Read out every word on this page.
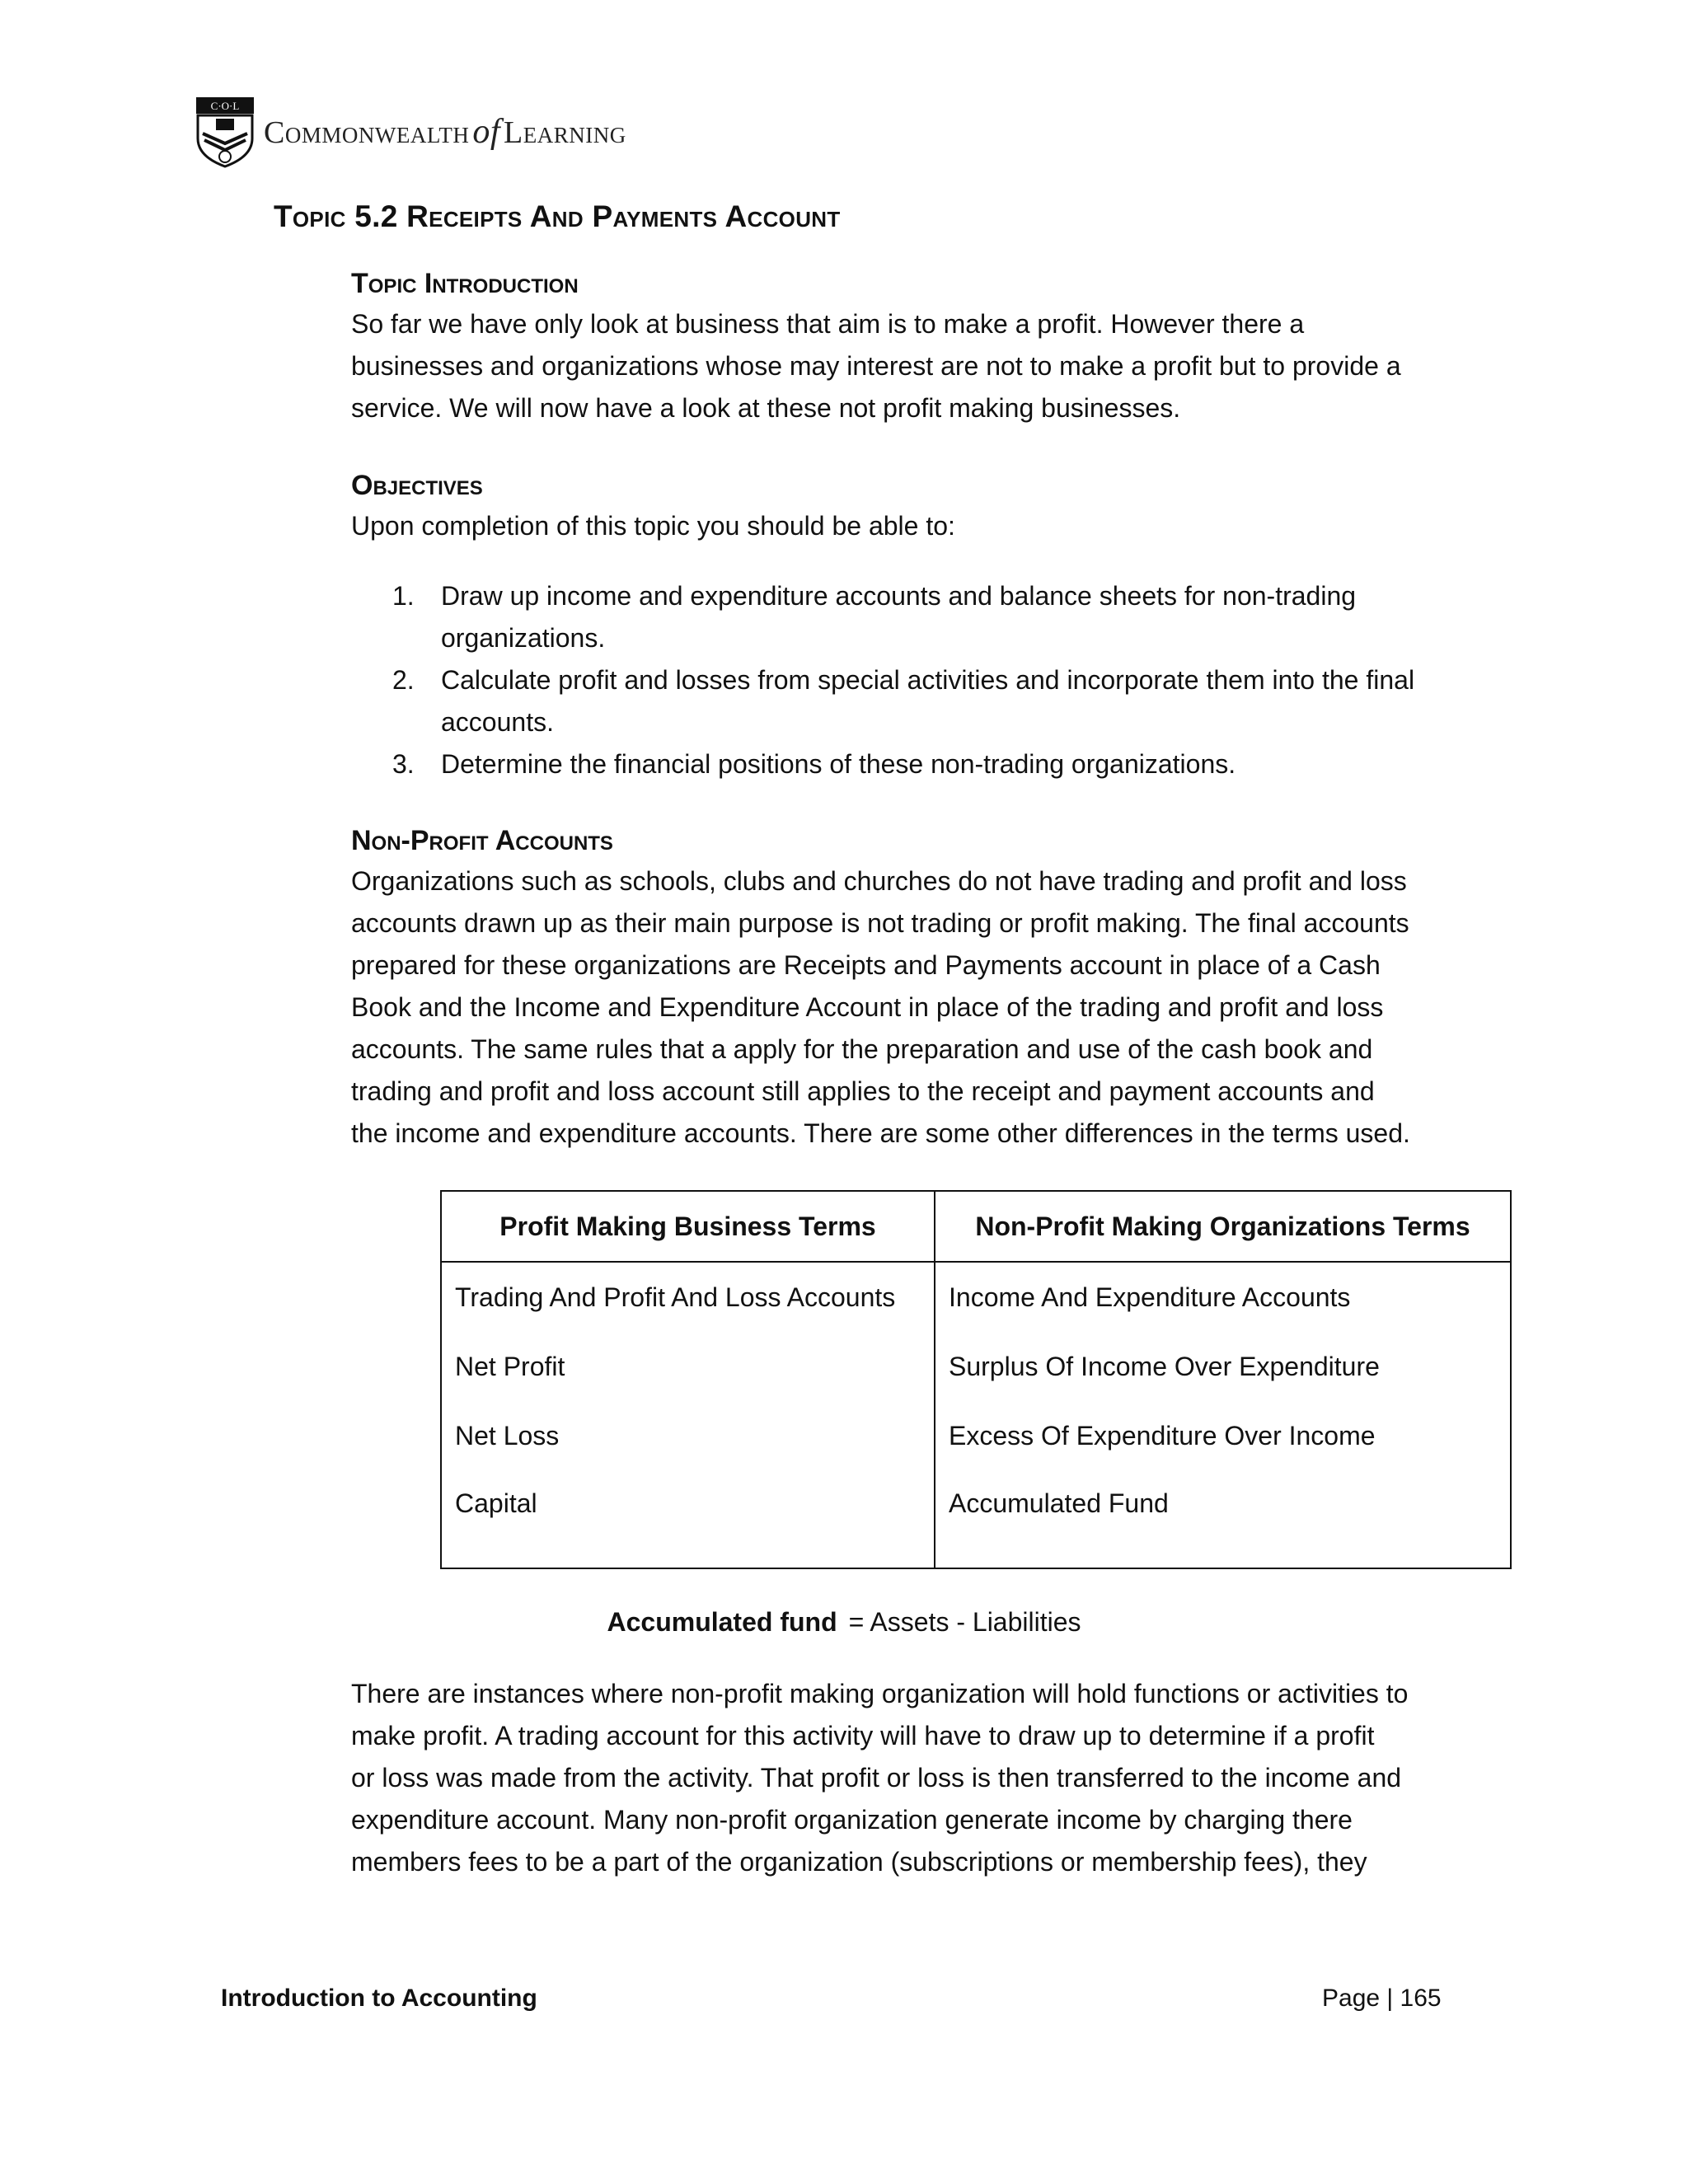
C·O·L
Commonwealthof Learning
Topic 5.2 Receipts And Payments Account
Topic Introduction

So far we have only look at business that aim is to make a profit. However there a

businesses and organizations whose may interest are not to make a profit but to provide a

service. We will now have a look at these not profit making businesses.

Objectives

Upon completion of this topic you should be able to:

1. Draw up income and expenditure accounts and balance sheets for non-trading
organizations.
2. Calculate profit and losses from special activities and incorporate them into the final
accounts.
3. Determine the financial positions of these non-trading organizations.
Non-Profit Accounts

Organizations such as schools, clubs and churches do not have trading and profit and loss

accounts drawn up as their main purpose is not trading or profit making. The final accounts

prepared for these organizations are Receipts and Payments account in place of a Cash

Book and the Income and Expenditure Account in place of the trading and profit and loss

accounts. The same rules that a apply for the preparation and use of the cash book and

trading and profit and loss account still applies to the receipt and payment accounts and

the income and expenditure accounts. There are some other differences in the terms used.

Profit Making Business Terms	Non-Profit Making Organizations Terms
Trading And Profit And Loss Accounts	Income And Expenditure Accounts
Net Profit	Surplus Of Income Over Expenditure
Net Loss	Excess Of Expenditure Over Income
Capital	Accumulated Fund
Accumulated fund = Assets - Liabilities

There are instances where non-profit making organization will hold functions or activities to

make profit. A trading account for this activity will have to draw up to determine if a profit

or loss was made from the activity. That profit or loss is then transferred to the income and

expenditure account. Many non-profit organization generate income by charging there

members fees to be a part of the organization (subscriptions or membership fees), they

Introduction to Accounting	Page | 165
